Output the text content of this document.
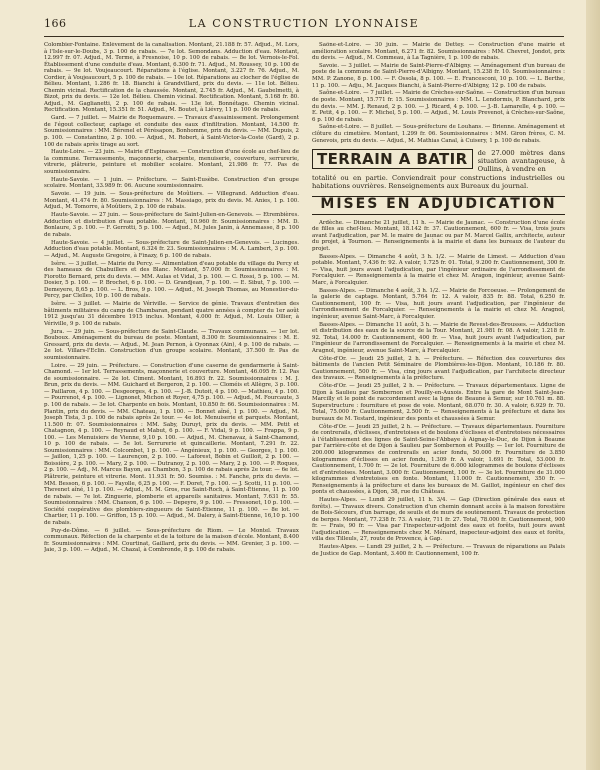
166	LA CONSTRUCTION LYONNAISE

Colombier-Fontaine. Enlèvement de la canalisation. Montant, 21.188 fr. 57. Adjud., M. Lors, à l'Isle-sur-le-Doubs, 3 p. 100 de rabais. — 7e lot. Semondans. Adduction d'eau. Montant, 12.997 fr. 07. Adjud., M. Terme, à Fresnoise, 10 p. 100 de rabais. — 8e lot. Vernois-le-Fol. Établissement d'une conduite d'eau. Montant, 6.300 fr. 71. Adjud., M. Roussey, 10 p. 100 de rabais. — 9e lot. Voujeaucourt. Réparations à l'église. Montant, 3.227 fr. 76. Adjud., M. Cordier, à Voujeaucourt, 5 p. 100 de rabais. — 10e lot. Réparations au clocher de l'église de Bélieu. Montant, 1.286 fr. 18. Bianchi à Grandvillard, prix du devis. — 11e lot. Bélieu. Chemin vicinal. Rectification de la chaussée. Montant, 2.745 fr. Adjud., M. Gaubelmetti, à Bizot, prix du devis. — 12e lot. Bélieu. Chemin vicinal. Rectification. Montant, 5.168 fr. 80. Adjud., M. Gaglianetti, 2 p. 100 de rabais. — 13e lot. Bonnétage. Chemin vicinal. Rectification. Montant, 15.351 fr. 51. Adjud., M. Boutet, à Liévry, 11 p. 100 de rabais.

Gard. — 7 juillet. — Mairie de Roquemaure. — Travaux d'assainissement. Prolongement de l'égout collecteur, captage et conduite des eaux d'infiltration. Montant, 14.500 fr. Soumissionnaires : MM. Bérenel et Pérésapon, Bonhomme, prix du devis. — MM. Dupuis, 2 p. 100. — Constantino, 2 p. 100. — Adjud., M. Robert, à Saint-Victor-la-Coste (Gard), 2 p. 100 de rabais après tirage au sort.

Haute-Loire. — 23 juin. — Mairie d'Espinasse. — Construction d'une école au chef-lieu de la commune. Terrassements, maçonnerie, charpente, menuiserie, couverture, serrurerie, vitrerie, plâtrerie, peinture et mobilier scolaire. Montant, 21.986 fr. 77. Pas de soumissionnaire.

Haute-Savoie. — 1 juin. — Préfecture. — Saint-Eusèbe. Construction d'un groupe scolaire. Montant, 33.989 fr. 06. Aucune soumissionnaire.

Savoie. — 19 juin. — Sous-préfecture de Moûtiers. — Villegrand. Adduction d'eau. Montant, 41.474 fr. 80. Soumissionnaires : M. Massiago, prix du devis. M. Anies, 1 p. 100. Adjud., M. Tomorre, à Moûtiers, 2 p. 100 de rabais.

Haute-Savoie. — 27 juin. — Sous-préfecture de Saint-Julien-en-Genevois. — Etrembières. Adduction et distribution d'eau potable. Montant, 10.960 fr. Soumissionnaires : MM. D. Bonlaure, 3 p. 100. — F. Gerrotti, 5 p. 100. — Adjud., M. Jules Janin, à Annemasse, 8 p. 100 de rabais.

Haute-Savoie. — 4 juillet. — Sous-préfecture de Saint-Julien-en-Genevois. — Lucinges. Adduction d'eau potable. Montant, 6.324 fr. 23. Soumissionnaires : M. A. Lambert, 3 p. 100. — Adjud., M. Auguste Gregoire, à Finazy, 6 p. 100 de rabais.

Isère. — 3 juillet. — Mairie du Percy. — Alimentation d'eau potable du village du Percy et des hameaux de Chabuillers et des Blanc. Montant, 57.000 fr. Soumissionnaires : M. Fiorotto Bernard, prix du devis. — MM. Aulas et Vidal, 3 p. 100. — C. Rossi, 5 p. 100. — M. Dosier, 5 p. 100. — P. Brochet, 6 p. 100. — D. Grandjean, 7 p. 100. — E. Sibut, 7 p. 100. — Demeyere, 8,65 p. 100. — L. Bros, 9 p. 100. — Adjud., M. Joseph Thomas, au Monestier-du-Percy, par Clelles, 10 p. 100 de rabais.

Isère. — 3 juillet. — Mairie de Vériville. — Service de génie. Travaux d'entretien des bâtiments militaires du camp de Chambaran, pendant quatre années à compter du 1er août 1912 jusqu'au 31 décembre 1915 inclus. Montant, 4.000 fr. Adjud., M. Louis Ollier, à Vériville, 9 p. 100 de rabais.

Jura. — 29 juin. — Sous-préfecture de Saint-Claude. — Travaux communaux. — 1er lot. Bouboux. Aménagement du bureau de poste. Montant, 8.300 fr. Soumissionnaires : M. E. Gressard, prix du devis. — Adjud., M. Jean Pernon, à Oyonnax (Ain), 4 p. 100 de rabais. — 2e lot. Villars-l'Eclin. Construction d'un groupe scolaire. Montant, 37.500 fr. Pas de soumissionnaire.

Loire. — 29 juin. — Préfecture. — Construction d'une caserne de gendarmerie à Saint-Chamond. — 1er lot. Terrassements, maçonnerie et couverture. Montant, 46.095 fr. 12. Pas de soumissionnaire. — 2e lot. Ciment. Montant, 16.893 fr. 22. Soumissionnaires : M. J. Brun, prix du devis. — MM. Guichard et Bergeron, 2 p. 100. — Cloméis et Allègre, 3 p. 100. — Paillaron, 4 p. 100. — Desgeorges, 4 p. 100. — J.-B. Dutoit, 4 p. 100. — Mathieu, 4 p. 100. — Pourrenot, 4 p. 100. — Lignonet, Michon et Royer, 4,75 p. 100. — Adjud., M. Fourcaute, 3 p. 100 de rabais. — 3e lot. Charpente en bois. Montant, 10.850 fr. 66. Soumissionnaires : M. Plantin, prix du devis. — MM. Chateau, 1 p. 100. — Bonnet aîné, 1 p. 100. — Adjud., M. Joseph Tista, 3 p. 100 de rabais après 2e tour. — 4e lot. Menuiserie et parquets. Montant, 11.500 fr. 07. Soumissionnaires : MM. Saby, Duruyt, prix du devis. — MM. Petit et Chatagnon, 4 p. 100. — Reynaud et Mabut, 6 p. 100. — F. Vidal, 9 p. 100. — Frappa, 9 p. 100. — Les Menuisiers de Vienne, 9,10 p. 100. — Adjud., M. Chenavaz, à Saint-Chamond, 10 p. 100 de rabais. — 5e lot. Serrurerie et quincaillerie. Montant, 7.291 fr. 22. Soumissionnaires : MM. Colcombet, 1 p. 100. — Angénieux, 1 p. 100. — Georges, 1 p. 100. — Jaillon, 1,25 p. 100. — Laurençon, 2 p. 100. — Laforest, Bobin et Guilloit, 2 p. 100. — Boissière, 2 p. 100. — Mary, 2 p. 100. — Dutranoy, 2 p. 100. — Mary, 2 p. 100. — P. Roques, 2 p. 100. — Adj., M. Marcus Bayon, au Chambon, 3 p. 100 de rabais après 2e tour. — 6e lot. Plâtrerie, peinture et vitrerie. Mont. 11.931 fr. 50. Soumiss. : M. Fanche, prix du devis. — MM. Besson, 6 p. 100. — Fayolle, 6,25 p. 100. — F. Doret, 7 p. 100. — J. Scotti, 11 p. 100. — Thevenet aîné, 11 p. 100. — Adjud., M. M. Gros, rue Saint-Roch, à Saint-Étienne, 11 p. 100 de rabais. — 7e lot. Zinguerie, plomberie et appareils sanitaires. Montant, 7.631 fr. 55. Soumissionnaires : MM. Chanson, 6 p. 100. — Depeyre, 9 p. 100. — Fressonet, 10 p. 100. — Société coopérative des plombiers-zingueurs de Saint-Étienne, 11 p. 100. — 8e lot. — Chartier, 11 p. 100. — Griffon, 15 p. 100. — Adjud., M. Dalery, à Saint-Étienne, 16,10 p. 100 de rabais.

Puy-de-Dôme. — 6 juillet. — Sous-préfecture de Riom. — Le Montel. Travaux communaux. Réfection de la charpente et de la toiture de la maison d'école. Montant, 8.400 fr. Soumissionnaires : MM. Courtinat, Gaillard, prix du devis. — MM. Grenier, 3 p. 100. — Jaie, 3 p. 100. — Adjud., M. Chazal, à Combronde, 8 p. 100 de rabais.

Saône-et-Loire. — 30 juin. — Mairie de Dettey. — Construction d'une mairie et amélioration scolaire. Montant, 6.271 fr. 82. Soumissionnaires : MM. Chevret, Jondot, prix du devis. — Adjud., M. Commeau, à La Tagnière, 1 p. 100 de rabais.

Savoie. — 3 juillet. — Mairie de Saint-Pierre-d'Albigny. — Aménagement d'un bureau de poste de la commune de Saint-Pierre-d'Albigny. Montant, 15.238 fr. 10. Soumissionnaires : MM. P. Zanone, 8 p. 100. — F. Ossola, 8 p. 100. — E. Francesconi, 10 p. 100. — L. Berthe, 11 p. 100. — Adju., M. Jacques Bianchi, à Saint-Pierre-d'Albigny, 12 p. 100 de rabais.

Saône-et-Loire. — 7 juillet. — Mairie de Crèches-sur-Saône. — Construction d'un bureau de poste. Montant, 15.771 fr. 15. Soumissionnaires : MM. L. Lendormis, P. Blanchard, prix du devis. — MM. J. Renaud, 2 p. 100. — J. Ricard, 4 p. 100. — J.-B. Lamarelle, 4 p. 100. — E. Petit, 4 p. 100. — F. Michel, 5 p. 100. — Adjud., M. Louis Prevenot, à Crèches-sur-Saône, 6 p. 100 de rabais.

Saône-et-Loire. — 8 juillet. — Sous-préfecture de Louhans. — Brienne. Aménagement et clôture du cimetière. Montant, 1.299 fr. 06. Soumissionnaires : MM. Giron frères, C. M. Genevois, prix du devis. — Adjud., M. Mathias Canal, à Cuisery, 1 p. 100 de rabais.

TERRAIN A BATIR	de 27.000 mètres dans situation avantageuse, à Oullins, à vendre en
totalité ou en partie. Conviendrait pour constructions industrielles ou habitations ouvrières. Renseignements aux Bureaux du journal.
MISES EN ADJUDICATION

Ardèche. — Dimanche 21 juillet, 11 h. — Mairie de Jaunac. — Construction d'une école de filles au chef-lieu. Montant, 18.142 fr. 37. Cautionnement, 600 fr. — Visa, trois jours avant l'adjudication, par M. le maire de Jaunac ou par M. Marcel Gallix, architecte, auteur du projet, à Tournon. — Renseignements à la mairie et dans les bureaux de l'auteur du projet.

Basses-Alpes. — Dimanche 4 août, 3 h. 1/2. — Mairie de Limest. — Adduction d'eau potable. Montant, 7.436 fr. 92. A valoir, 1.725 fr. 01. Total, 9.200 fr. Cautionnement, 300 fr. — Visa, huit jours avant l'adjudication, par l'ingénieur ordinaire de l'arrondissement de Forcalquier. — Renseignements à la mairie et chez M. Aragon, ingénieur, avenue Saint-Marc, à Forcalquier.

Basses-Alpes. — Dimanche 4 août, 3 h. 1/2. — Mairie de Forcoeuse. — Prolongement de la galerie de captage. Montant, 5.764 fr. 12. A valoir, 835 fr. 88. Total, 6.250 fr. Cautionnement, 100 fr. — Visa, huit jours avant l'adjudication, par l'ingénieur de l'arrondissement de Forcalquier. — Renseignements à la mairie et chez M. Aragnol, ingénieur, avenue Saint-Marc, à Forcalquier.

Basses-Alpes. — Dimanche 11 août, 3 h. — Mairie de Revest-des-Brousses. — Adduction et distribution des eaux de la source de la Tour. Montant, 21.981 fr. 08. A valoir, 1.218 fr. 92. Total, 14.000 fr. Cautionnement, 400 fr. — Visa, huit jours avant l'adjudication, par l'ingénieur de l'arrondissement de Forcalquier. — Renseignements à la mairie et chez M. Aragnol, ingénieur, avenue Saint-Marc, à Forcalquier.

Côte-d'Or. — Jeudi 25 juillet, 2 h. — Préfecture. — Réfection des couvertures des bâtiments de l'ancien Petit Séminaire de Plombières-les-Dijon. Montant, 10.186 fr. 80. Cautionnement, 500 fr. — Visa, cinq jours avant l'adjudication, par l'architecte directeur des travaux. — Renseignements à la préfecture.

Côte-d'Or. — Jeudi 25 juillet, 2 h. — Préfecture. — Travaux départementaux. Ligne de Dijon à Saulieu par Sombernon et Pouilly-en-Auxois. Entre la gare de Mont Saint-Jean-Marcilly et le point de raccordement avec la ligne de Beaune à Semur, sur 10.761 m. 88. Superstructure : fourniture et pose de voie. Montant, 68.070 fr. 30. A valoir, 6.929 fr. 70. Total, 75.000 fr. Cautionnement, 2.500 fr. — Renseignements à la préfecture et dans les bureaux de M. Testard, ingénieur des ponts et chaussées à Semur.

Côte-d'Or. — Jeudi 25 juillet, 2 h. — Préfecture. — Travaux départementaux. Fourniture de contrerails, d'éclisses, d'entretoises et de boulons d'éclisses et d'entretoises nécessaires à l'établissement des lignes de Saint-Seine-l'Abbaye à Aignay-le-Duc, de Dijon à Beaune par l'arrière-côte et de Dijon à Saulieu par Sombernon et Pouilly. — 1er lot. Fourniture de 200.000 kilogrammes de contrerails en acier fondu, 50.000 fr. Fourniture de 3.850 kilogrammes d'éclisses en acier fondu, 1.309 fr. A valoir, 1.691 fr. Total, 53.000 fr. Cautionnement, 1.700 fr. — 2e lot. Fourniture de 6.000 kilogrammes de boulons d'éclisses et d'entretoises. Montant, 3.000 fr. Cautionnement, 100 fr. — 3e lot. Fourniture de 31.000 kilogrammes d'entretoises en fonte. Montant, 11.000 fr. Cautionnement, 350 fr. — Renseignements à la préfecture et dans les bureaux de M. Gaillot, ingénieur en chef des ponts et chaussées, à Dijon, 38, rue du Château.

Hautes-Alpes. — Lundi 29 juillet, 11 h. 3/4. — Gap (Direction générale des eaux et forêts). — Travaux divers. Construction d'un chemin donnant accès à la maison forestière de Bois-Sécours, d'un barrage, de seuils et de murs de soutènement. Travaux de protection de berges. Montant, 77.238 fr. 73. A valoir, 711 fr. 27. Total, 78.000 fr. Cautionnement, 900 fr. — Frais, 90 fr. — Visa par l'inspecteur-adjoint des eaux et forêts, huit jours avant l'adjudication. — Renseignements chez M. Ménard, inspecteur-adjoint des eaux et forêts, villa des Tilleuls, 27, route de Provence, à Gap.

Hautes-Alpes. — Lundi 29 juillet, 2 h. — Préfecture. — Travaux de réparations au Palais de Justice de Gap. Montant, 3.400 fr. Cautionnement, 100 fr.
